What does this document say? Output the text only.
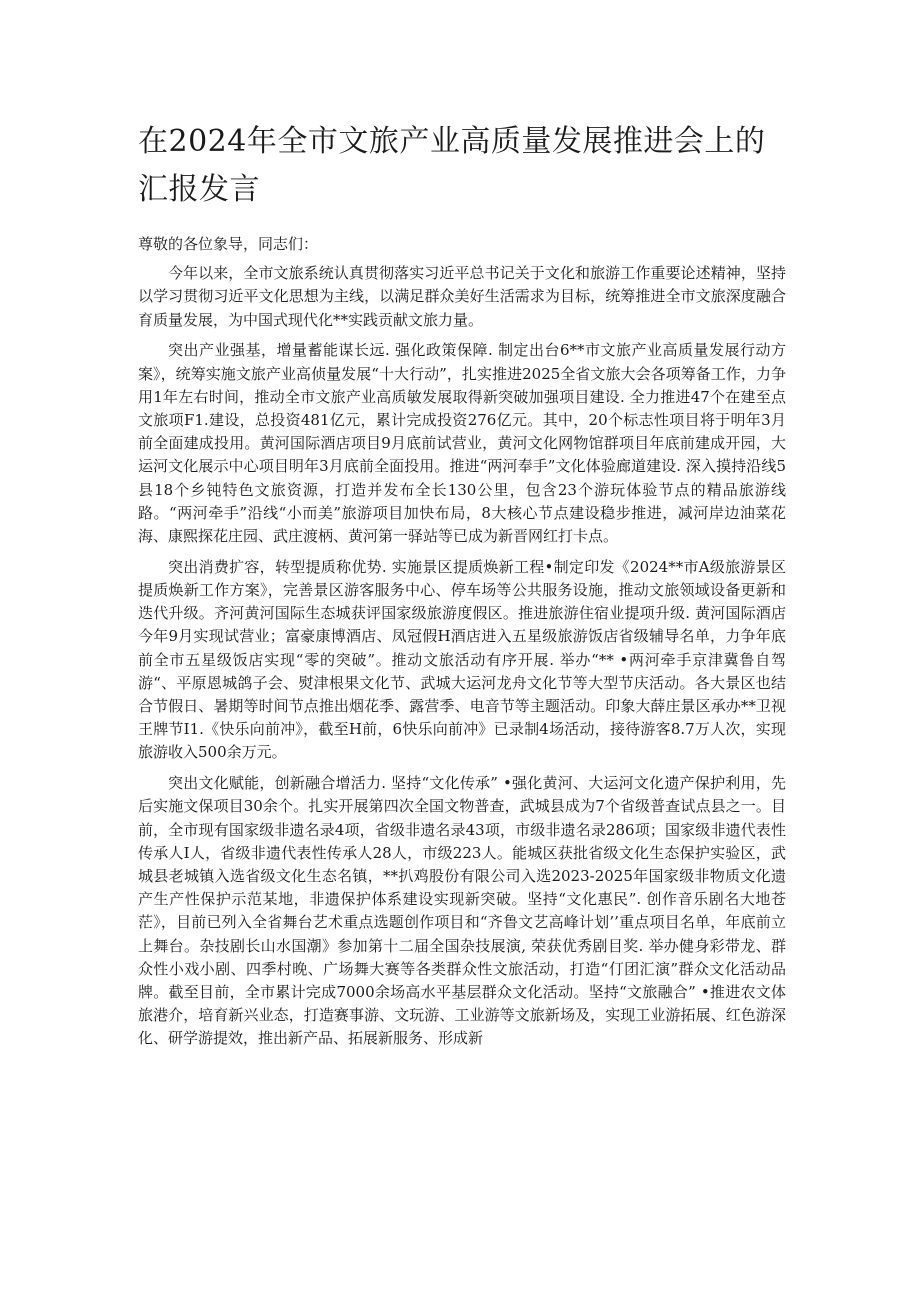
在2024年全市文旅产业高质量发展推进会上的汇报发言

尊敬的各位象导，同志们：

今年以来，全市文旅系统认真贯彻落实习近平总书记关于文化和旅游工作重要论述精神，坚持以学习贯彻习近平文化思想为主线，以满足群众美好生活需求为目标，统筹推进全市文旅深度融合育质量发展，为中国式现代化**实践贡献文旅力量。

突出产业强基，增量蓄能谋长远. 强化政策保障. 制定出台6**市文旅产业高质量发展行动方案》，统筹实施文旅产业高侦量发展“十大行动”，扎实推进2025全省文旅大会各项筹备工作，力争用1年左右时间，推动全市文旅产业高质敏发展取得新突破加强项目建设. 全力推进47个在建至点文旅项F1.建设，总投资481亿元，累计完成投资276亿元。其中，20个标志性项目将于明年3月前全面建成投用。黄河国际酒店项目9月底前试营业，黄河文化网物馆群项目年底前建成开园，大运河文化展示中心项目明年3月底前全面投用。推进“两河奉手”文化体验廊道建设. 深入摸持沿线5县18个乡钝特色文旅资源，打造并发布全长130公里，包含23个游玩体验节点的精品旅游线路。“两河牵手”沿线“小而美”旅游项目加快布局，8大核心节点建设稳步推进，减河岸边油菜花海、康熙探花庄园、武庄渡柄、黄河第一驿站等已成为新晋网红打卡点。

突出消费扩容，转型提质称优势. 实施景区提质焕新工程•制定印发《2024**市A级旅游景区提质焕新工作方案》，完善景区游客服务中心、停车场等公共服务设施，推动文旅领域设备更新和迭代升级。齐河黄河国际生态城获评国家级旅游度假区。推进旅游住宿业提项升级. 黄河国际酒店今年9月实现试营业；富豪康博酒店、凤冠假H酒店进入五星级旅游饭店省级辅导名单，力争年底前全市五星级饭店实现“零的突破”。推动文旅活动有序开展. 举办“** •两河牵手京津冀鲁自驾游“、平原恩城鸽子会、熨津根果文化节、武城大运河龙舟文化节等大型节庆活动。各大景区也结合节假日、暑期等时间节点推出烟花季、露营季、电音节等主题活动。印象大薛庄景区承办**卫视王牌节I1.《快乐向前冲》，截至H前，6快乐向前冲》已录制4场活动，接待游客8.7万人次，实现旅游收入500余万元。

突出文化赋能，创新融合增活力. 坚持“文化传承” •强化黄河、大运河文化遗产保护利用，先后实施文保项目30余个。扎实开展第四次全国文物普查，武城县成为7个省级普查试点县之一。目前，全市现有国家级非遗名录4项，省级非遗名录43项，市级非遗名录286项；国家级非遗代表性传承人I人，省级非遗代表性传承人28人，市级223人。能城区获批省级文化生态保护实验区，武城县老城镇入选省级文化生态名镇，**扒鸡股份有限公司入选2023-2025年国家级非物质文化遗产生产性保护示范某地，非遗保护体系建设实现新突破。坚持“文化惠民”. 创作音乐剧名大地苍茫》，目前已列入全省舞台艺术重点选题创作项目和“齐鲁文艺高峰计划’’重点项目名单，年底前立上舞台。杂技剧长山水国潮》参加第十二届全国杂技展演, 荣获优秀剧目奖. 举办健身彩带龙、群众性小戏小剧、四季村晚、广场舞大赛等各类群众性文旅活动，打造“仃团汇演”群众文化活动品牌。截至目前，全市累计完成7000余场高水平基层群众文化活动。坚持“文旅融合” •推进农文体旅港介，培育新兴业态，打造赛事游、文玩游、工业游等文旅新场及，实现工业游拓展、红色游深化、研学游提效，推出新产品、拓展新服务、形成新
